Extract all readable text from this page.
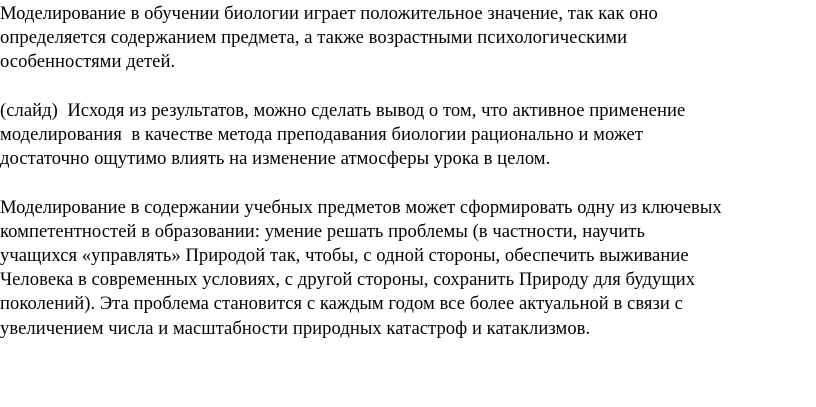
Моделирование в обучении биологии играет положительное значение, так как оно
определяется содержанием предмета, а также возрастными психологическими
особенностями детей.
(слайд)  Исходя из результатов, можно сделать вывод о том, что активное применение
моделирования  в качестве метода преподавания биологии рационально и может
достаточно ощутимо влиять на изменение атмосферы урока в целом.
Моделирование в содержании учебных предметов может сформировать одну из ключевых
компетентностей в образовании: умение решать проблемы (в частности, научить
учащихся «управлять» Природой так, чтобы, с одной стороны, обеспечить выживание
Человека в современных условиях, с другой стороны, сохранить Природу для будущих
поколений). Эта проблема становится с каждым годом все более актуальной в связи с
увеличением числа и масштабности природных катастроф и катаклизмов.
